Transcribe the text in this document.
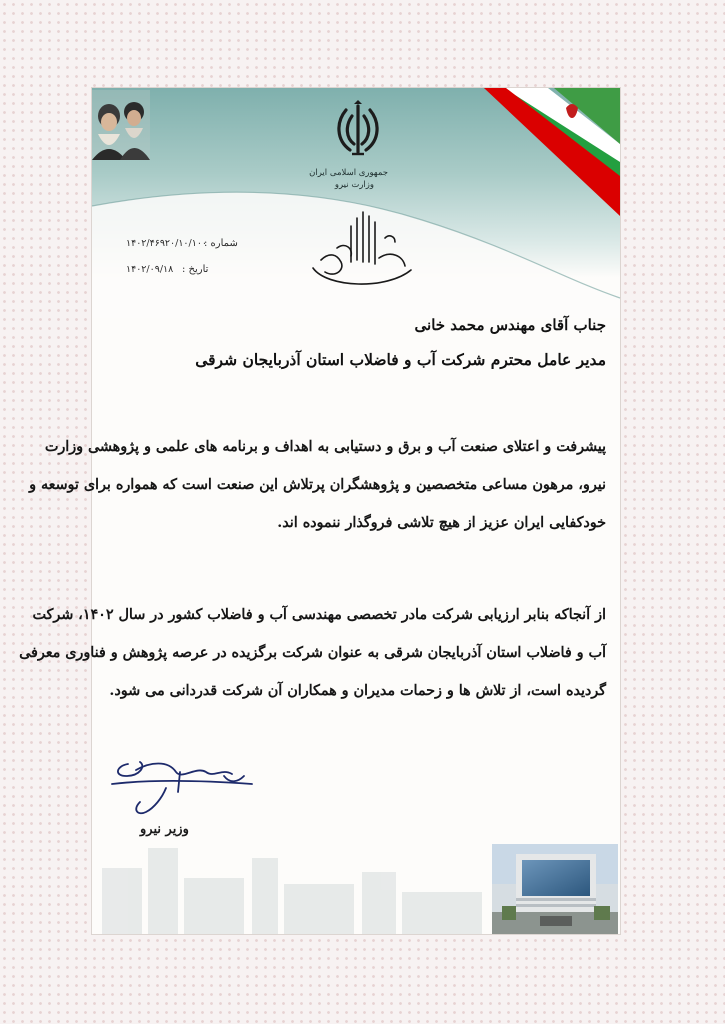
جمهوری اسلامی ایران
وزارت نیرو
شماره :
۱۴۰۲/۴۶۹۲۰/۱۰/۱۰۰
تاریخ :
۱۴۰۲/۰۹/۱۸
جناب آقای مهندس محمد خانی
مدیر عامل محترم شرکت آب و فاضلاب استان آذربایجان شرقی
پیشرفت و اعتلای صنعت آب و برق و دستیابی به اهداف و برنامه های علمی و پژوهشی وزارت
نیرو، مرهون مساعی متخصصین و پژوهشگران پرتلاش این صنعت است که همواره برای توسعه و
خودکفایی ایران عزیز از هیچ تلاشی فروگذار ننموده اند.
از آنجاکه بنابر ارزیابی شرکت مادر تخصصی مهندسی آب و فاضلاب کشور در سال ۱۴۰۲، شرکت
آب و فاضلاب استان آذربایجان شرقی به عنوان شرکت برگزیده در عرصه پژوهش و فناوری معرفی
گردیده است، از تلاش ها و زحمات مدیران و همکاران آن شرکت قدردانی می شود.
وزیر نیرو
